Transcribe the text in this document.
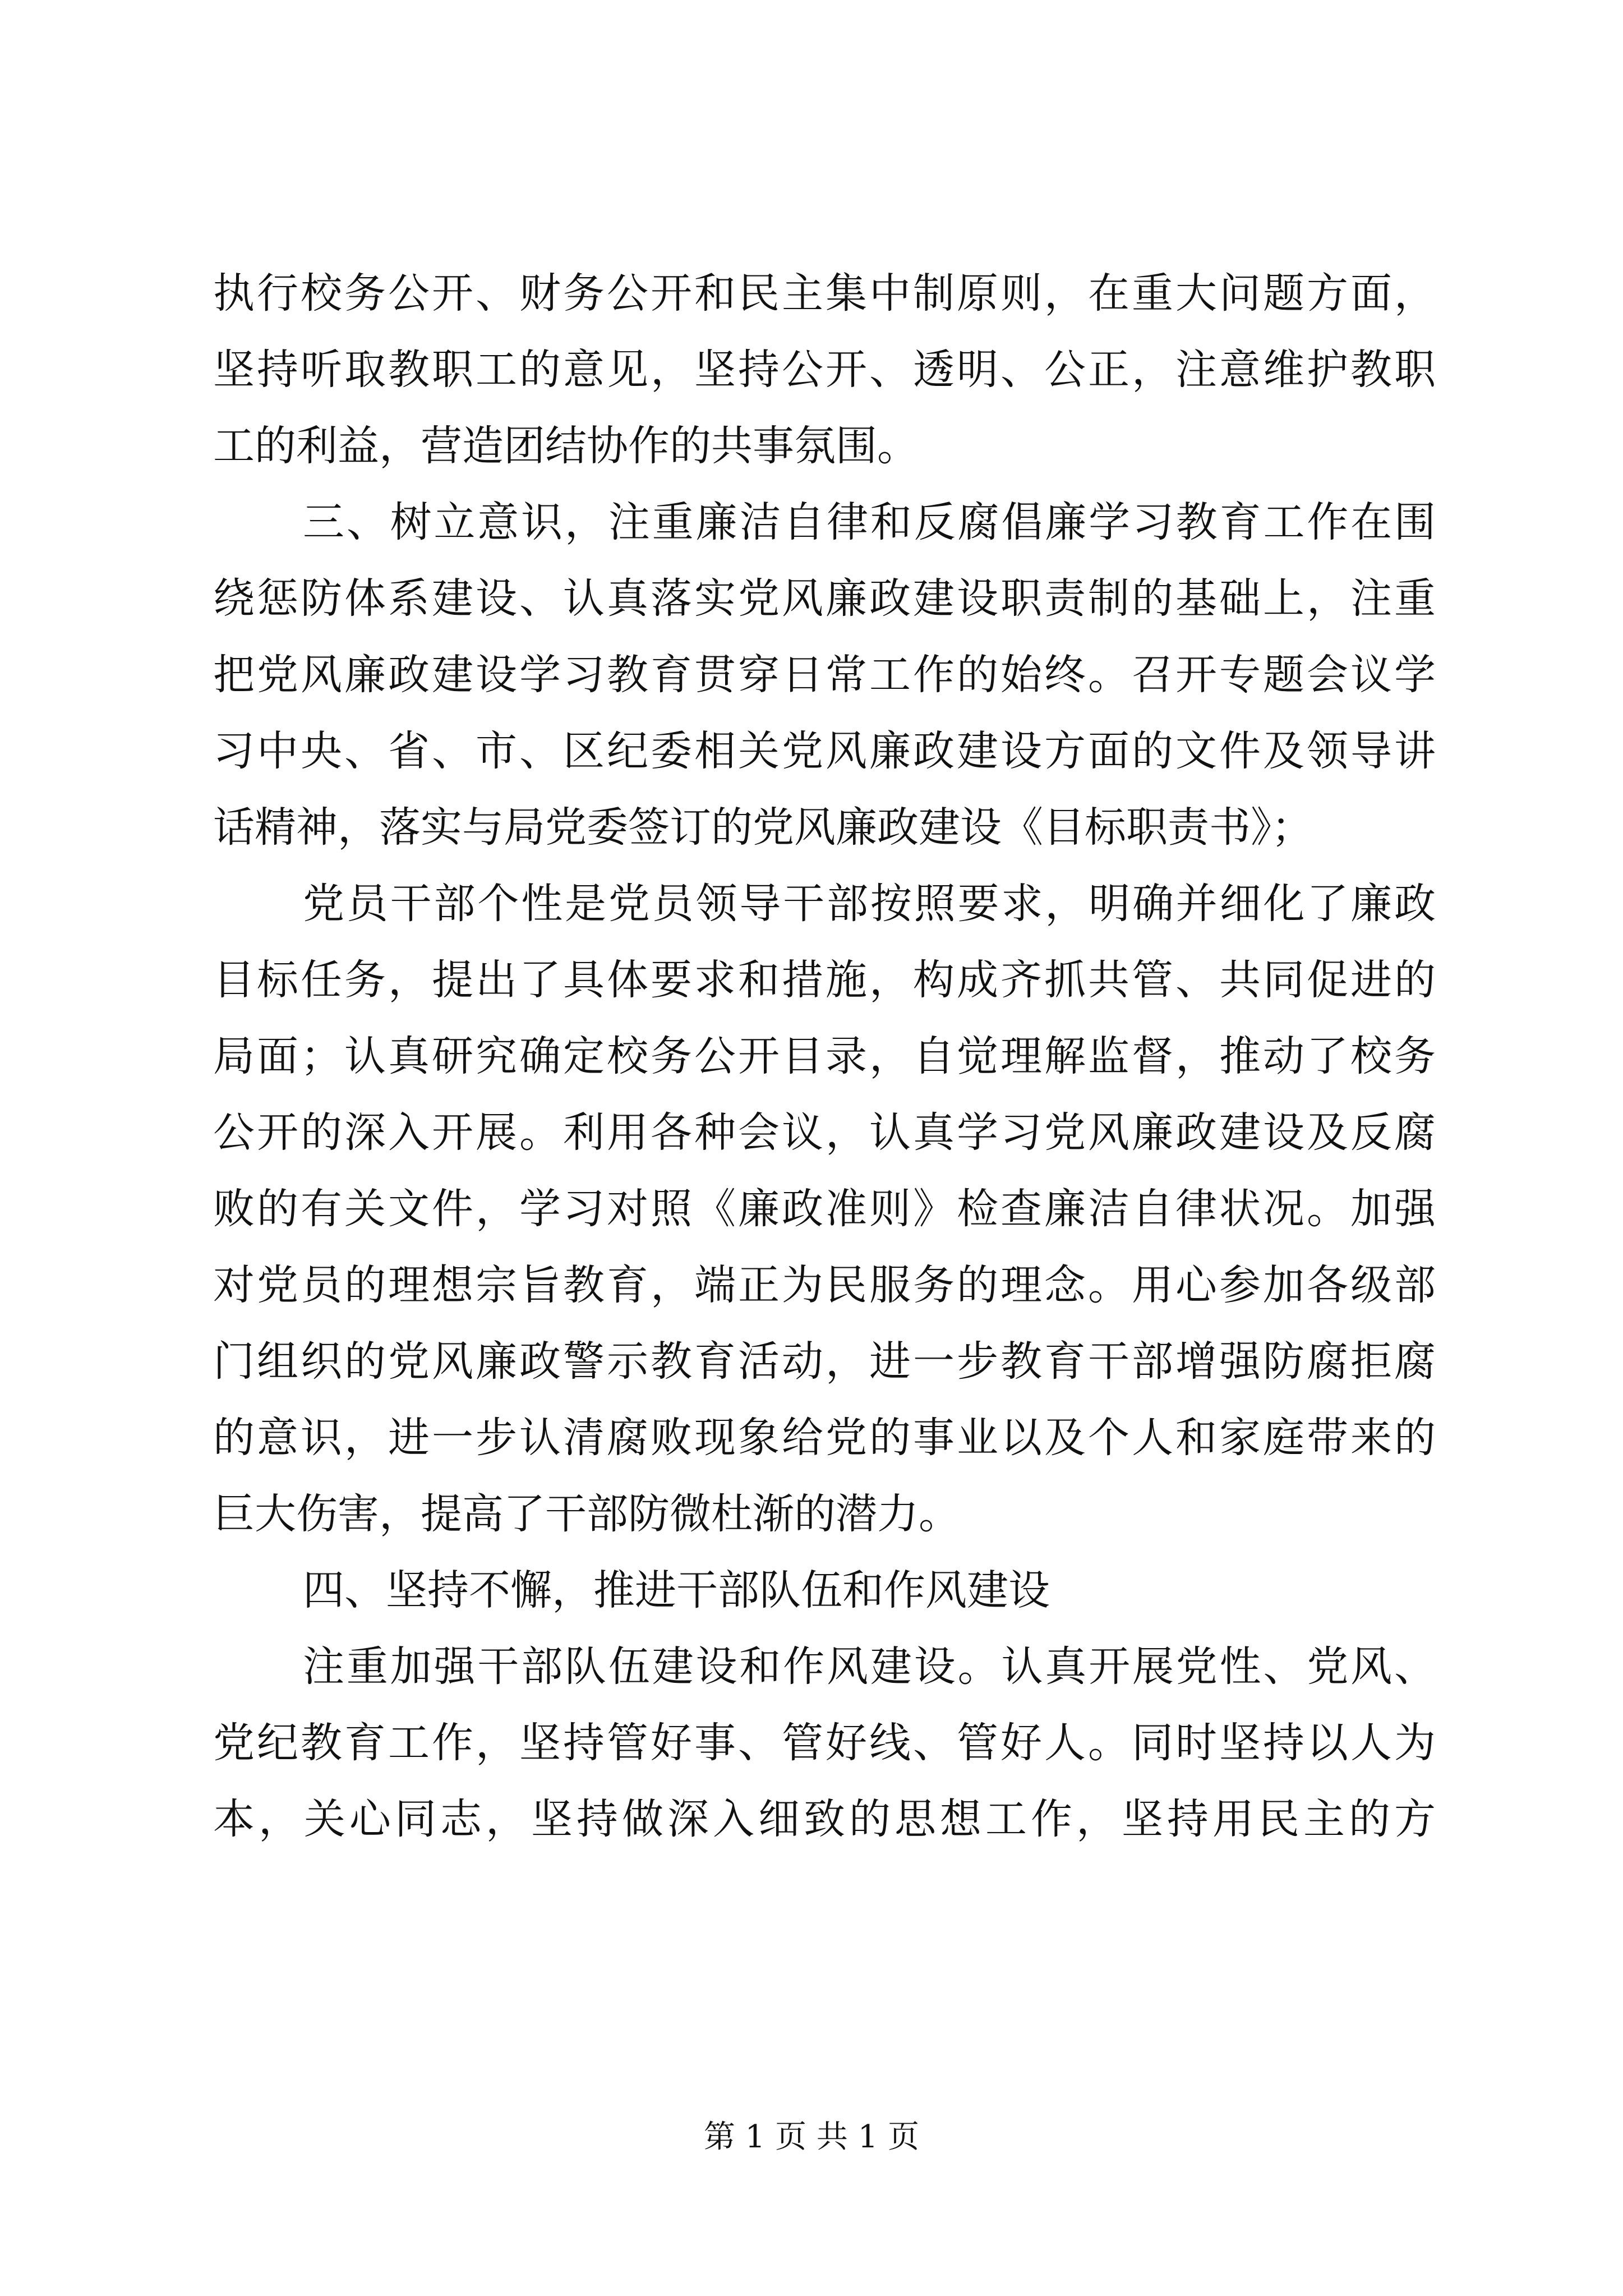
执行校务公开、财务公开和民主集中制原则，在重大问题方面，
坚持听取教职工的意见，坚持公开、透明、公正，注意维护教职
工的利益，营造团结协作的共事氛围。
三、树立意识，注重廉洁自律和反腐倡廉学习教育工作在围
绕惩防体系建设、认真落实党风廉政建设职责制的基础上，注重
把党风廉政建设学习教育贯穿日常工作的始终。召开专题会议学
习中央、省、市、区纪委相关党风廉政建设方面的文件及领导讲
话精神，落实与局党委签订的党风廉政建设《目标职责书》；
党员干部个性是党员领导干部按照要求，明确并细化了廉政
目标任务，提出了具体要求和措施，构成齐抓共管、共同促进的
局面；认真研究确定校务公开目录，自觉理解监督，推动了校务
公开的深入开展。利用各种会议，认真学习党风廉政建设及反腐
败的有关文件，学习对照《廉政准则》检查廉洁自律状况。加强
对党员的理想宗旨教育，端正为民服务的理念。用心参加各级部
门组织的党风廉政警示教育活动，进一步教育干部增强防腐拒腐
的意识，进一步认清腐败现象给党的事业以及个人和家庭带来的
巨大伤害，提高了干部防微杜渐的潜力。
四、坚持不懈，推进干部队伍和作风建设
注重加强干部队伍建设和作风建设。认真开展党性、党风、
党纪教育工作，坚持管好事、管好线、管好人。同时坚持以人为
本，关心同志，坚持做深入细致的思想工作，坚持用民主的方
第 1 页 共 1 页
